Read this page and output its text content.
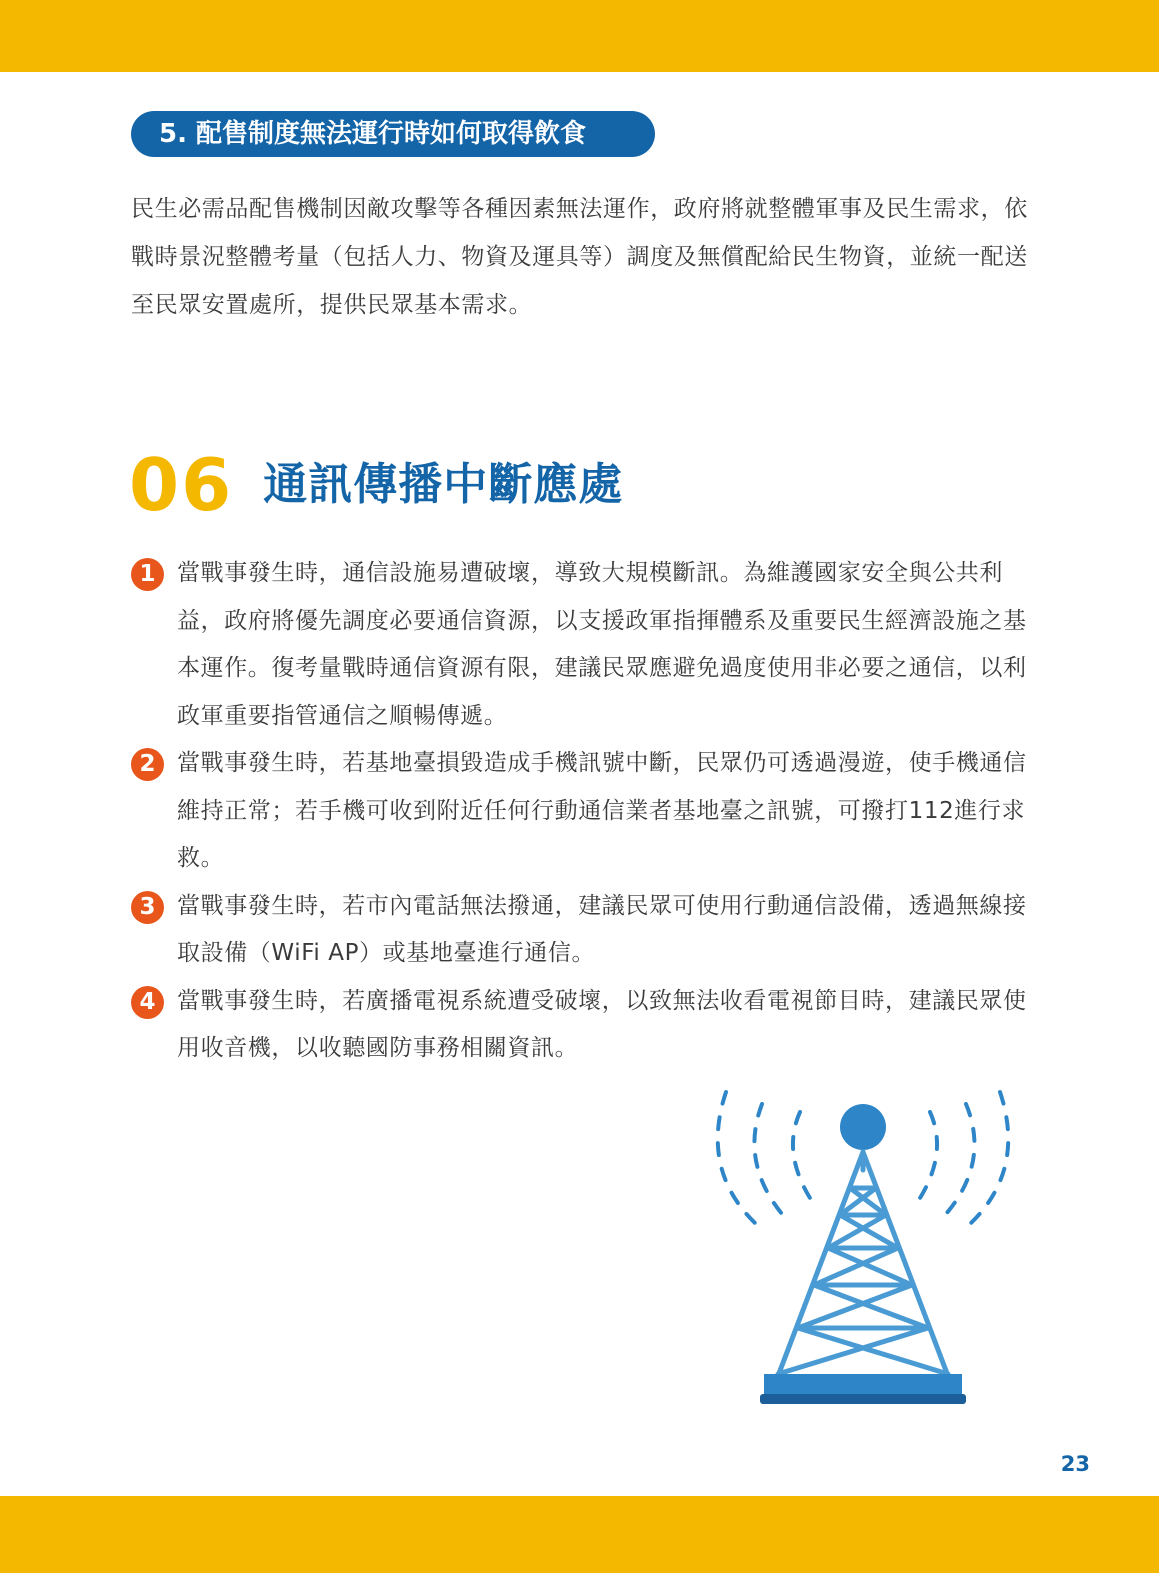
5. 配售制度無法運行時如何取得飲食

民生必需品配售機制因敵攻擊等各種因素無法運作，政府將就整體軍事及民生需求，依戰時景況整體考量（包括人力、物資及運具等）調度及無償配給民生物資，並統一配送至民眾安置處所，提供民眾基本需求。

06 通訊傳播中斷應處
1 當戰事發生時，通信設施易遭破壞，導致大規模斷訊。為維護國家安全與公共利益，政府將優先調度必要通信資源，以支援政軍指揮體系及重要民生經濟設施之基本運作。復考量戰時通信資源有限，建議民眾應避免過度使用非必要之通信，以利政軍重要指管通信之順暢傳遞。
2 當戰事發生時，若基地臺損毀造成手機訊號中斷，民眾仍可透過漫遊，使手機通信維持正常；若手機可收到附近任何行動通信業者基地臺之訊號，可撥打112進行求救。
3 當戰事發生時，若市內電話無法撥通，建議民眾可使用行動通信設備，透過無線接取設備（WiFi AP）或基地臺進行通信。
4 當戰事發生時，若廣播電視系統遭受破壞，以致無法收看電視節目時，建議民眾使用收音機，以收聽國防事務相關資訊。
23
